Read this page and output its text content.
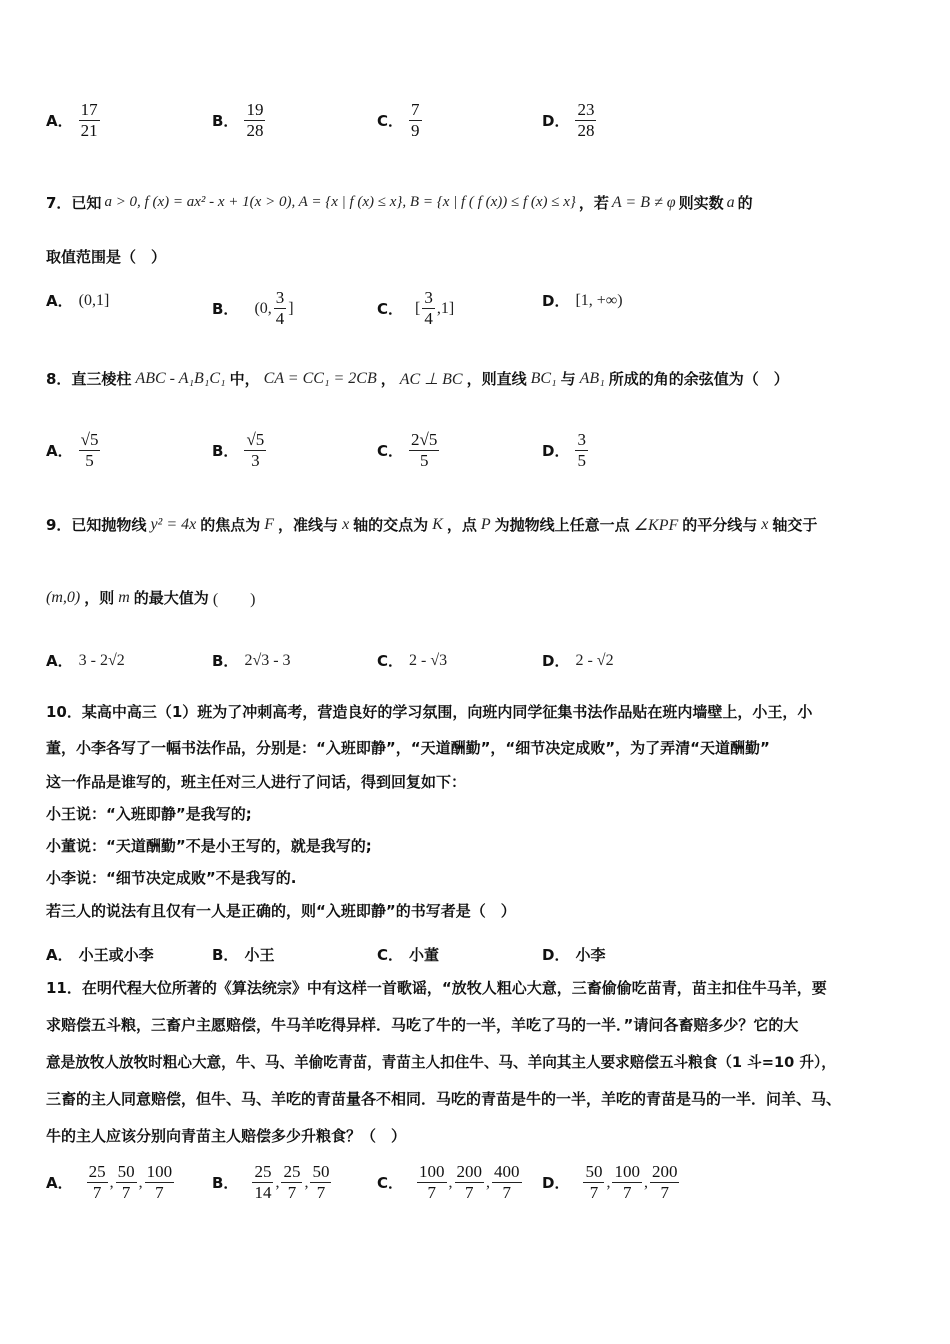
A． $\frac{17}{21}$	B． $\frac{19}{28}$	C． $\frac{7}{9}$	D． $\frac{23}{28}$
7．已知 a > 0, f (x) = ax² - x + 1(x > 0), A = {x | f (x) ≤ x}, B = {x | f ( f (x)) ≤ f (x) ≤ x} ，若 A = B ≠ φ 则实数 a 的
取值范围是（　）
A． (0,1]	B． (0, $\frac{3}{4}$ ]	C． [ $\frac{3}{4} ,1$]	D． [1, +∞)
8．直三棱柱 ABC - A₁B₁C₁ 中， CA = CC₁ = 2CB ， AC ⊥ BC ，则直线 BC₁ 与 AB₁ 所成的角的余弦值为（　）
A． $\frac{√5}{5}$	B． $\frac{√5}{3}$	C． $\frac{2√5}{5}$	D． $\frac{3}{5}$
9．已知抛物线 y² = 4x 的焦点为 F ，准线与 x 轴的交点为 K ，点 P 为抛物线上任意一点 ∠KPF 的平分线与 x 轴交于
(m,0) ，则 m 的最大值为 (　　)
A． 3 - 2√2	B． 2√3 - 3	C． 2 - √3	D． 2 - √2
10．某高中高三（1）班为了冲刺高考，营造良好的学习氛围，向班内同学征集书法作品贴在班内墙壁上，小王，小
董，小李各写了一幅书法作品，分别是：“入班即静”，“天道酬勤”，“细节决定成败”，为了弄清“天道酬勤”
这一作品是谁写的，班主任对三人进行了问话，得到回复如下：
小王说：“入班即静”是我写的;
小董说：“天道酬勤”不是小王写的，就是我写的;
小李说：“细节决定成败”不是我写的.
若三人的说法有且仅有一人是正确的，则“入班即静”的书写者是（　）
A． 小王或小李	B． 小王	C． 小董	D． 小李
11．在明代程大位所著的《算法统宗》中有这样一首歌谣，“放牧人粗心大意，三畜偷偷吃苗青，苗主扣住牛马羊，要
求赔偿五斗粮，三畜户主愿赔偿，牛马羊吃得异样．马吃了牛的一半，羊吃了马的一半．”请问各畜赔多少？它的大
意是放牧人放牧时粗心大意，牛、马、羊偷吃青苗，青苗主人扣住牛、马、羊向其主人要求赔偿五斗粮食（1 斗=10 升），
三畜的主人同意赔偿，但牛、马、羊吃的青苗量各不相同．马吃的青苗是牛的一半，羊吃的青苗是马的一半．问羊、马、
牛的主人应该分别向青苗主人赔偿多少升粮食？（　）
A． $\frac{25}{7}$ , $\frac{50}{7}$ , $\frac{100}{7}$	B． $\frac{25}{14}$ , $\frac{25}{7}$ , $\frac{50}{7}$	C． $\frac{100}{7}$ , $\frac{200}{7}$ , $\frac{400}{7}$ D． $\frac{50}{7}$ , $\frac{100}{7}$ , $\frac{200}{7}$
